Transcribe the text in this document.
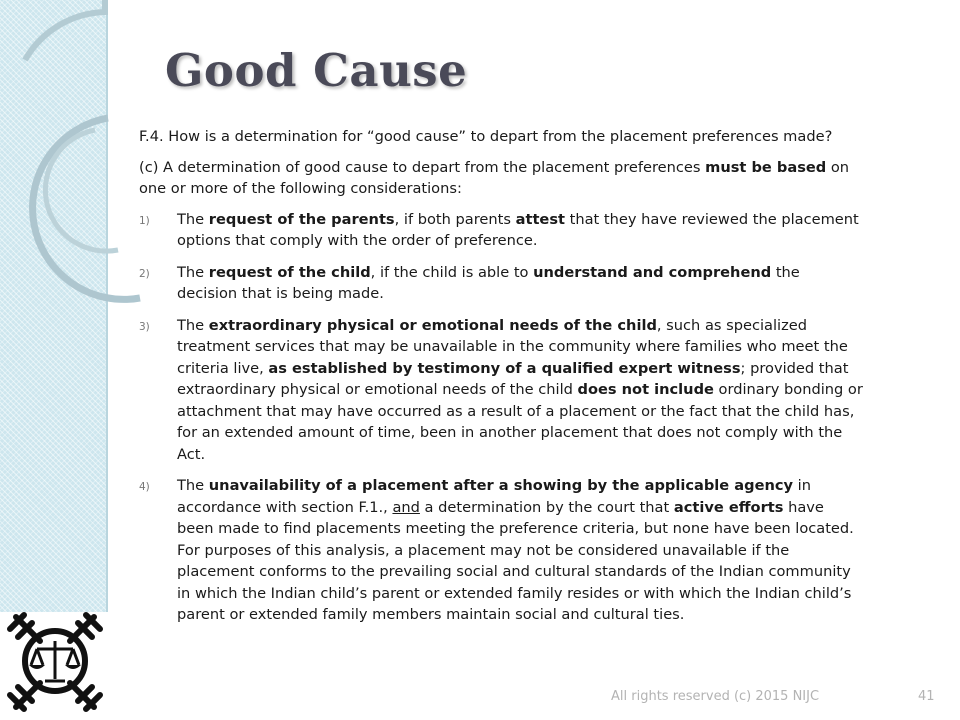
Good Cause

F.4. How is a determination for “good cause” to depart from the placement preferences made?

(c) A determination of good cause to depart from the placement preferences must be based on one or more of the following considerations:

1) The request of the parents, if both parents attest that they have reviewed the placement options that comply with the order of preference.
2) The request of the child, if the child is able to understand and comprehend the decision that is being made.
3) The extraordinary physical or emotional needs of the child, such as specialized treatment services that may be unavailable in the community where families who meet the criteria live, as established by testimony of a qualified expert witness; provided that extraordinary physical or emotional needs of the child does not include ordinary bonding or attachment that may have occurred as a result of a placement or the fact that the child has, for an extended amount of time, been in another placement that does not comply with the Act.
4) The unavailability of a placement after a showing by the applicable agency in accordance with section F.1., and a determination by the court that active efforts have been made to find placements meeting the preference criteria, but none have been located. For purposes of this analysis, a placement may not be considered unavailable if the placement conforms to the prevailing social and cultural standards of the Indian community in which the Indian child’s parent or extended family resides or with which the Indian child’s parent or extended family members maintain social and cultural ties.
All rights reserved (c) 2015 NIJC	41
